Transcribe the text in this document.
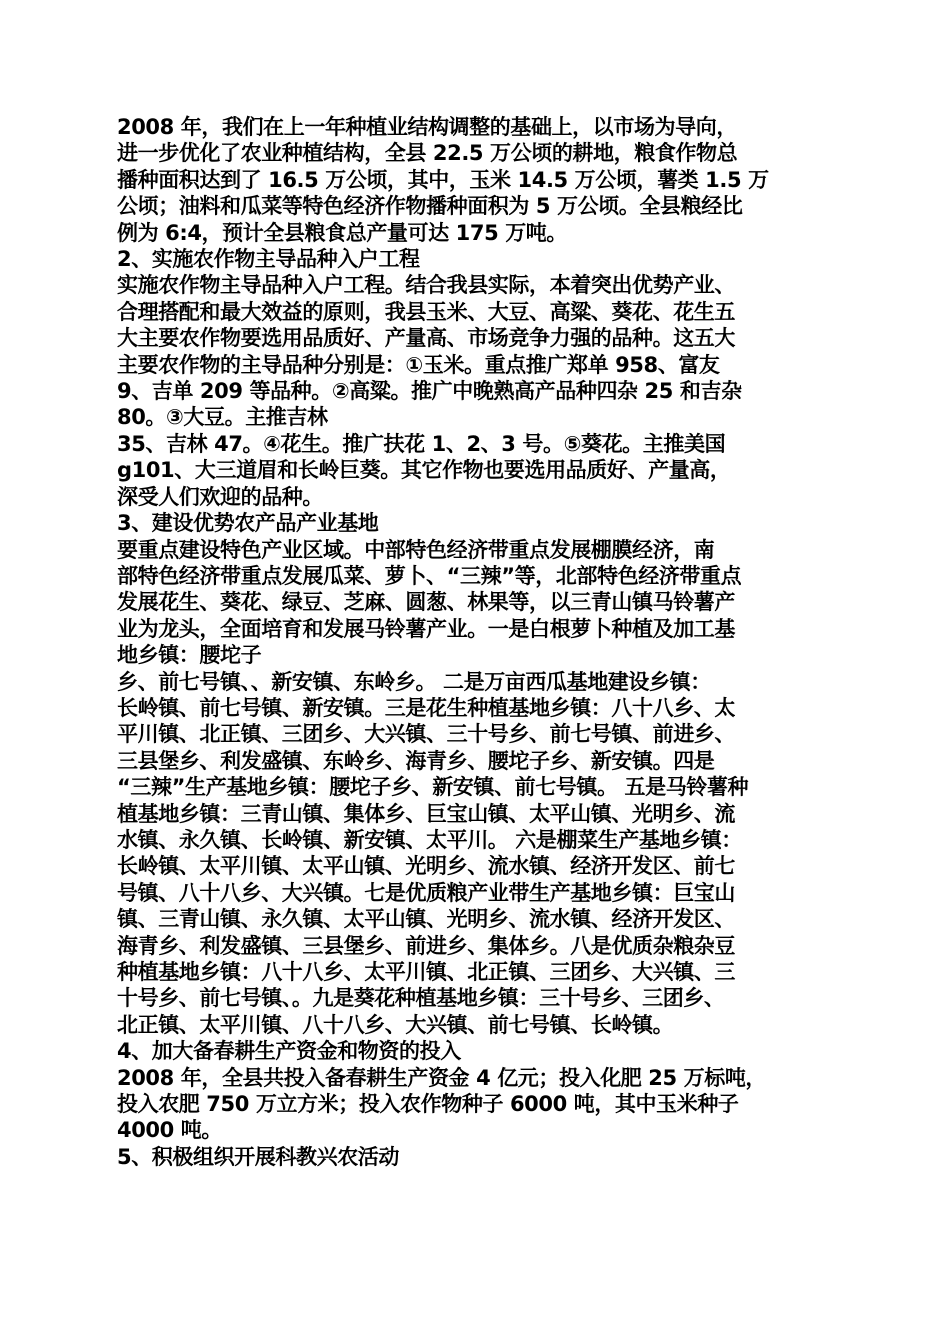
2008 年，我们在上一年种植业结构调整的基础上，以市场为导向，
进一步优化了农业种植结构，全县 22.5 万公顷的耕地，粮食作物总
播种面积达到了 16.5 万公顷，其中，玉米 14.5 万公顷，薯类 1.5 万
公顷；油料和瓜菜等特色经济作物播种面积为 5 万公顷。全县粮经比
例为 6:4，预计全县粮食总产量可达 175 万吨。
2、实施农作物主导品种入户工程
实施农作物主导品种入户工程。结合我县实际，本着突出优势产业、
合理搭配和最大效益的原则，我县玉米、大豆、高粱、葵花、花生五
大主要农作物要选用品质好、产量高、市场竞争力强的品种。这五大
主要农作物的主导品种分别是：①玉米。重点推广郑单 958、富友
9、吉单 209 等品种。②高粱。推广中晚熟高产品种四杂 25 和吉杂
80。③大豆。主推吉林
35、吉林 47。④花生。推广扶花 1、2、3 号。⑤葵花。主推美国
g101、大三道眉和长岭巨葵。其它作物也要选用品质好、产量高，
深受人们欢迎的品种。
3、建设优势农产品产业基地
要重点建设特色产业区域。中部特色经济带重点发展棚膜经济，南
部特色经济带重点发展瓜菜、萝卜、“三辣”等，北部特色经济带重点
发展花生、葵花、绿豆、芝麻、圆葱、林果等，以三青山镇马铃薯产
业为龙头，全面培育和发展马铃薯产业。一是白根萝卜种植及加工基
地乡镇：腰坨子
乡、前七号镇、、新安镇、东岭乡。 二是万亩西瓜基地建设乡镇：
长岭镇、前七号镇、新安镇。三是花生种植基地乡镇：八十八乡、太
平川镇、北正镇、三团乡、大兴镇、三十号乡、前七号镇、前进乡、
三县堡乡、利发盛镇、东岭乡、海青乡、腰坨子乡、新安镇。四是
“三辣”生产基地乡镇：腰坨子乡、新安镇、前七号镇。 五是马铃薯种
植基地乡镇：三青山镇、集体乡、巨宝山镇、太平山镇、光明乡、流
水镇、永久镇、长岭镇、新安镇、太平川。 六是棚菜生产基地乡镇：
长岭镇、太平川镇、太平山镇、光明乡、流水镇、经济开发区、前七
号镇、八十八乡、大兴镇。七是优质粮产业带生产基地乡镇：巨宝山
镇、三青山镇、永久镇、太平山镇、光明乡、流水镇、经济开发区、
海青乡、利发盛镇、三县堡乡、前进乡、集体乡。八是优质杂粮杂豆
种植基地乡镇：八十八乡、太平川镇、北正镇、三团乡、大兴镇、三
十号乡、前七号镇、。九是葵花种植基地乡镇：三十号乡、三团乡、
北正镇、太平川镇、八十八乡、大兴镇、前七号镇、长岭镇。
4、加大备春耕生产资金和物资的投入
2008 年，全县共投入备春耕生产资金 4 亿元；投入化肥 25 万标吨，
投入农肥 750 万立方米；投入农作物种子 6000 吨，其中玉米种子
4000 吨。
5、积极组织开展科教兴农活动
